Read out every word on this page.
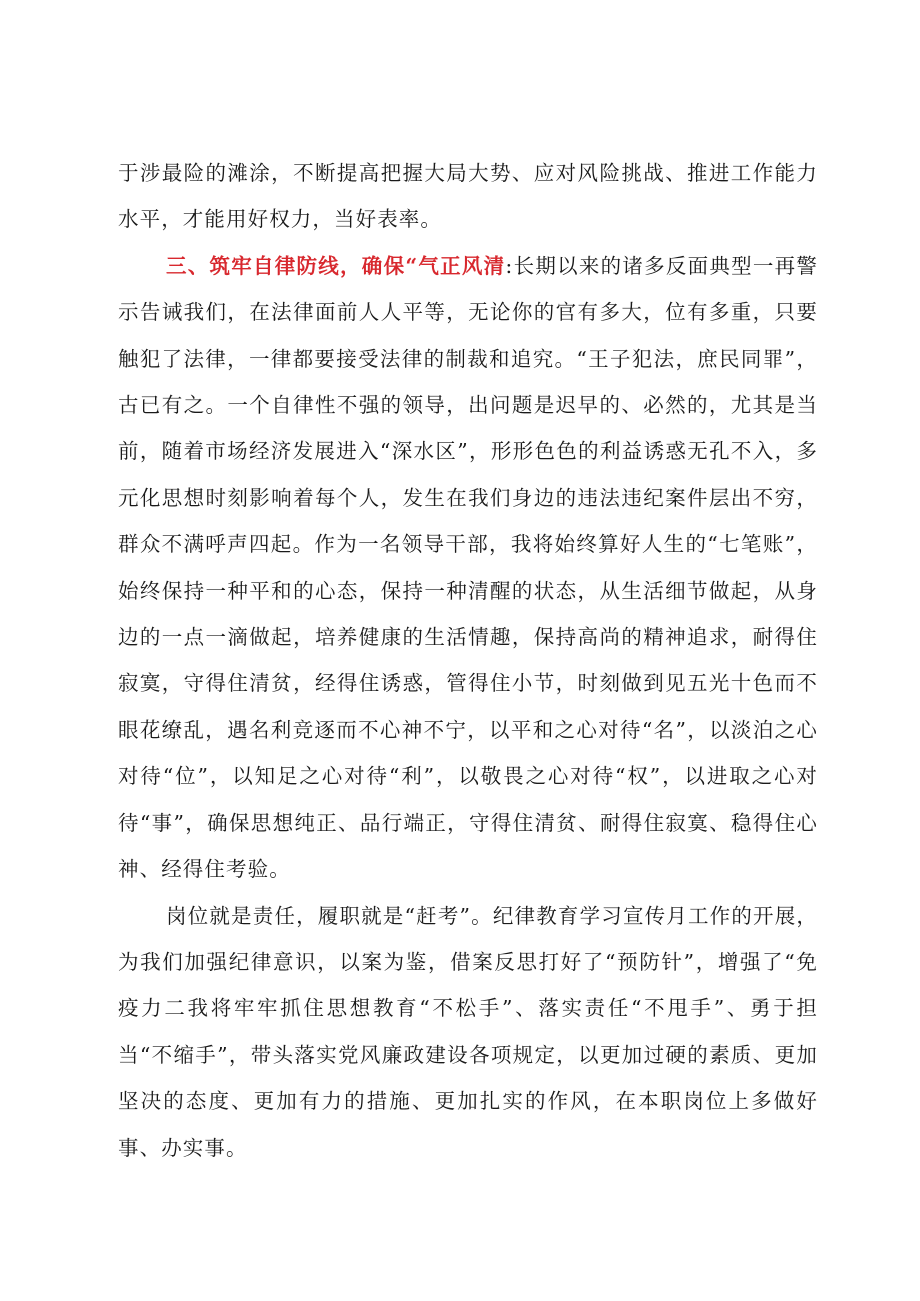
于涉最险的滩涂，不断提高把握大局大势、应对风险挑战、推进工作能力水平，才能用好权力，当好表率。

三、筑牢自律防线，确保“气正风清:长期以来的诸多反面典型一再警示告诫我们，在法律面前人人平等，无论你的官有多大，位有多重，只要触犯了法律，一律都要接受法律的制裁和追究。“王子犯法，庶民同罪”，古已有之。一个自律性不强的领导，出问题是迟早的、必然的，尤其是当前，随着市场经济发展进入“深水区”，形形色色的利益诱惑无孔不入，多元化思想时刻影响着每个人，发生在我们身边的违法违纪案件层出不穷，群众不满呼声四起。作为一名领导干部，我将始终算好人生的“七笔账”，始终保持一种平和的心态，保持一种清醒的状态，从生活细节做起，从身边的一点一滴做起，培养健康的生活情趣，保持高尚的精神追求，耐得住寂寞，守得住清贫，经得住诱惑，管得住小节，时刻做到见五光十色而不眼花缭乱，遇名利竞逐而不心神不宁，以平和之心对待“名”，以淡泊之心对待“位”，以知足之心对待“利”，以敬畏之心对待“权”，以进取之心对待“事”，确保思想纯正、品行端正，守得住清贫、耐得住寂寞、稳得住心神、经得住考验。

岗位就是责任，履职就是“赶考”。纪律教育学习宣传月工作的开展，为我们加强纪律意识，以案为鉴，借案反思打好了“预防针”，增强了“免疫力二我将牢牢抓住思想教育“不松手”、落实责任“不甩手”、勇于担当“不缩手”，带头落实党风廉政建设各项规定，以更加过硬的素质、更加坚决的态度、更加有力的措施、更加扎实的作风，在本职岗位上多做好事、办实事。
